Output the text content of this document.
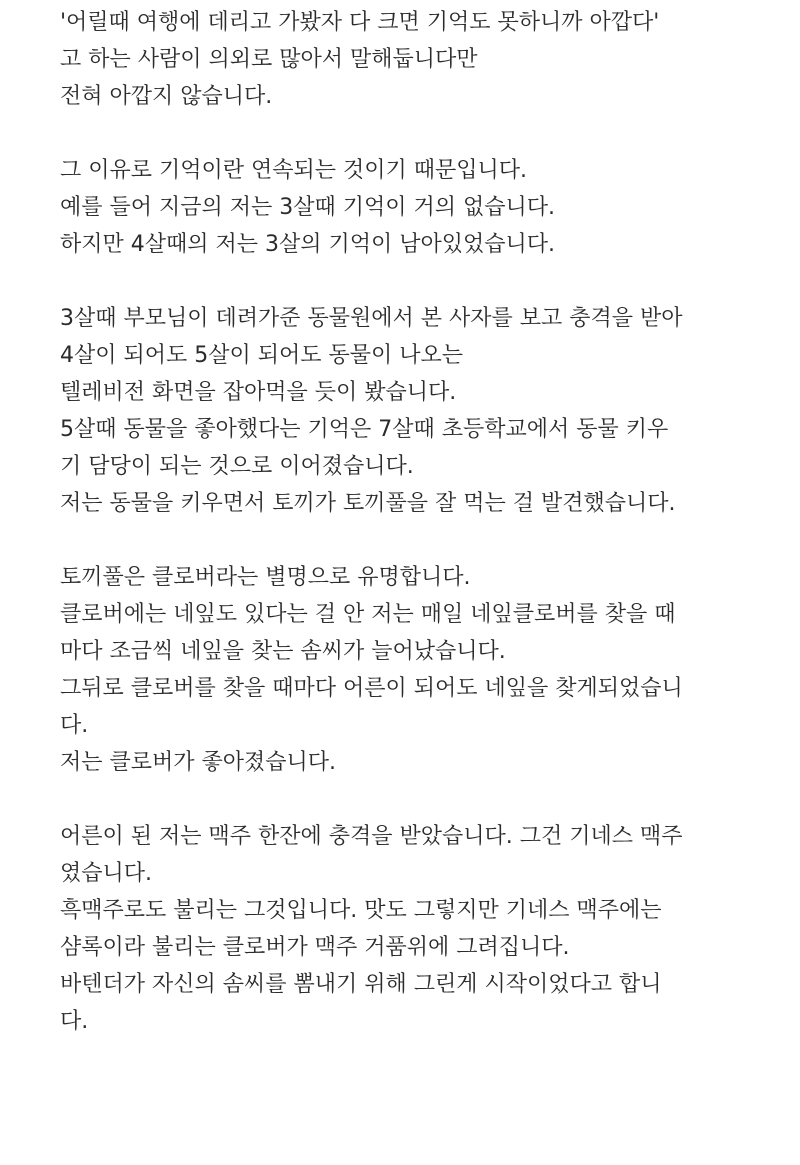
'어릴때 여행에 데리고 가봤자 다 크면 기억도 못하니까 아깝다'
고 하는 사람이 의외로 많아서 말해둡니다만
전혀 아깝지 않습니다.
그 이유로 기억이란 연속되는 것이기 때문입니다.
예를 들어 지금의 저는 3살때 기억이 거의 없습니다.
하지만 4살때의 저는 3살의 기억이 남아있었습니다.
3살때 부모님이 데려가준 동물원에서 본 사자를 보고 충격을 받아
4살이 되어도 5살이 되어도 동물이 나오는
텔레비전 화면을 잡아먹을 듯이 봤습니다.
5살때 동물을 좋아했다는 기억은 7살때 초등학교에서 동물 키우
기 담당이 되는 것으로 이어졌습니다.
저는 동물을 키우면서 토끼가 토끼풀을 잘 먹는 걸 발견했습니다.
토끼풀은 클로버라는 별명으로 유명합니다.
클로버에는 네잎도 있다는 걸 안 저는 매일 네잎클로버를 찾을 때
마다 조금씩 네잎을 찾는 솜씨가 늘어났습니다.
그뒤로 클로버를 찾을 때마다 어른이 되어도 네잎을 찾게되었습니
다.
저는 클로버가 좋아졌습니다.
어른이 된 저는 맥주 한잔에 충격을 받았습니다. 그건 기네스 맥주
였습니다.
흑맥주로도 불리는 그것입니다. 맛도 그렇지만 기네스 맥주에는
샴록이라 불리는 클로버가 맥주 거품위에 그려집니다.
바텐더가 자신의 솜씨를 뽐내기 위해 그린게 시작이었다고 합니
다.
